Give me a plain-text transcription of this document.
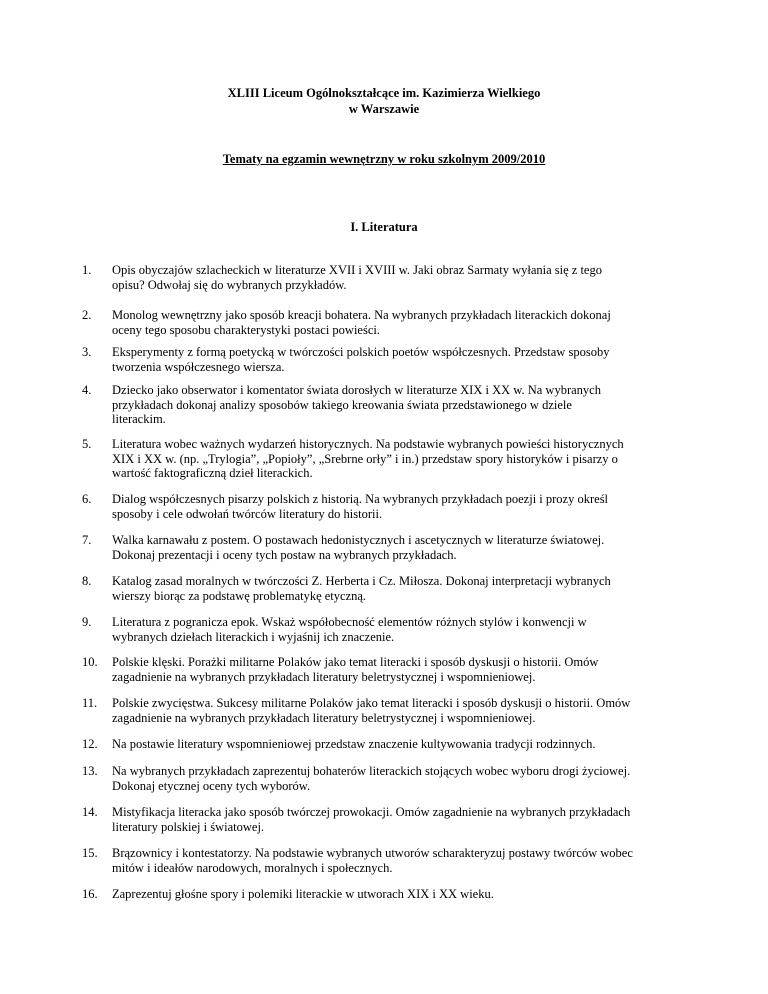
XLIII Liceum Ogólnokształcące im. Kazimierza Wielkiego
w Warszawie
Tematy na egzamin wewnętrzny w roku szkolnym 2009/2010
I. Literatura
1. Opis obyczajów szlacheckich w literaturze XVII i XVIII w. Jaki obraz Sarmaty wyłania się z tego
opisu? Odwołaj się do wybranych przykładów.
2. Monolog wewnętrzny jako sposób kreacji bohatera. Na wybranych przykładach literackich dokonaj
oceny tego sposobu charakterystyki postaci powieści.
3. Eksperymenty z formą poetycką w twórczości polskich poetów współczesnych. Przedstaw sposoby
tworzenia współczesnego wiersza.
4. Dziecko jako obserwator i komentator świata dorosłych w literaturze XIX i XX w. Na wybranych
przykładach dokonaj analizy sposobów takiego kreowania świata przedstawionego w dziele
literackim.
5. Literatura wobec ważnych wydarzeń historycznych. Na podstawie wybranych powieści historycznych
XIX i XX w. (np. „Trylogia”, „Popioły”, „Srebrne orły” i in.) przedstaw spory historyków i pisarzy o
wartość faktograficzną dzieł literackich.
6. Dialog współczesnych pisarzy polskich z historią. Na wybranych przykładach poezji i prozy określ
sposoby i cele odwołań twórców literatury do historii.
7. Walka karnawału z postem. O postawach hedonistycznych i ascetycznych w literaturze światowej.
Dokonaj prezentacji i oceny tych postaw na wybranych przykładach.
8. Katalog zasad moralnych w twórczości Z. Herberta i Cz. Miłosza. Dokonaj interpretacji wybranych
wierszy biorąc za podstawę problematykę etyczną.
9. Literatura z pogranicza epok. Wskaż współobecność elementów różnych stylów i konwencji w
wybranych dziełach literackich i wyjaśnij ich znaczenie.
10. Polskie klęski. Porażki militarne Polaków jako temat literacki i sposób dyskusji o historii. Omów
zagadnienie na wybranych przykładach literatury beletrystycznej i wspomnieniowej.
11. Polskie zwycięstwa. Sukcesy militarne Polaków jako temat literacki i sposób dyskusji o historii. Omów
zagadnienie na wybranych przykładach literatury beletrystycznej i wspomnieniowej.
12. Na postawie literatury wspomnieniowej przedstaw znaczenie kultywowania tradycji rodzinnych.
13. Na wybranych przykładach zaprezentuj bohaterów literackich stojących wobec wyboru drogi życiowej.
Dokonaj etycznej oceny tych wyborów.
14. Mistyfikacja literacka jako sposób twórczej prowokacji. Omów zagadnienie na wybranych przykładach
literatury polskiej i światowej.
15. Brązownicy i kontestatorzy. Na podstawie wybranych utworów scharakteryzuj postawy twórców wobec
mitów i ideałów narodowych, moralnych i społecznych.
16. Zaprezentuj głośne spory i polemiki literackie w utworach XIX i XX wieku.
